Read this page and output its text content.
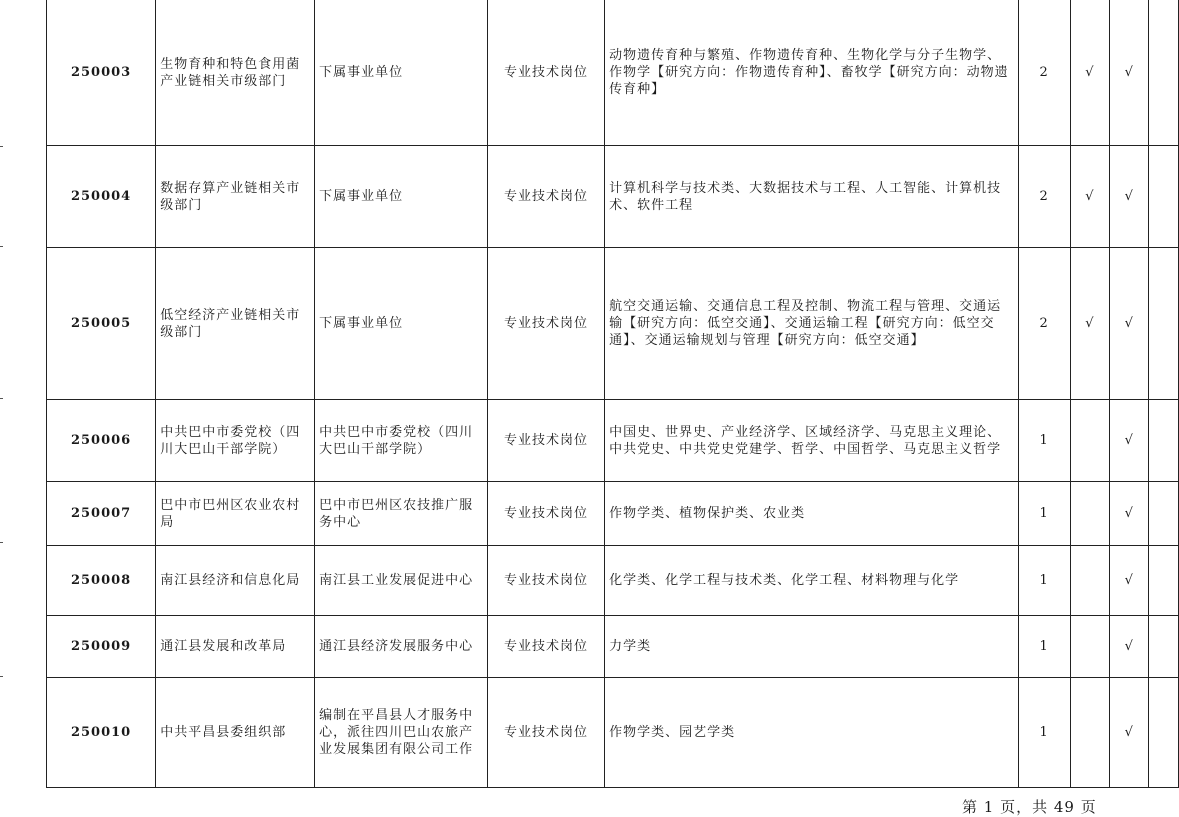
250003	生物育种和特色食用菌产业链相关市级部门	下属事业单位	专业技术岗位	动物遗传育种与繁殖、作物遗传育种、生物化学与分子生物学、作物学【研究方向：作物遗传育种】、畜牧学【研究方向：动物遗传育种】	2	√	√	
250004	数据存算产业链相关市级部门	下属事业单位	专业技术岗位	计算机科学与技术类、大数据技术与工程、人工智能、计算机技术、软件工程	2	√	√	
250005	低空经济产业链相关市级部门	下属事业单位	专业技术岗位	航空交通运输、交通信息工程及控制、物流工程与管理、交通运输【研究方向：低空交通】、交通运输工程【研究方向：低空交通】、交通运输规划与管理【研究方向：低空交通】	2	√	√	
250006	中共巴中市委党校（四川大巴山干部学院）	中共巴中市委党校（四川大巴山干部学院）	专业技术岗位	中国史、世界史、产业经济学、区域经济学、马克思主义理论、中共党史、中共党史党建学、哲学、中国哲学、马克思主义哲学	1		√	
250007	巴中市巴州区农业农村局	巴中市巴州区农技推广服务中心	专业技术岗位	作物学类、植物保护类、农业类	1		√	
250008	南江县经济和信息化局	南江县工业发展促进中心	专业技术岗位	化学类、化学工程与技术类、化学工程、材料物理与化学	1		√	
250009	通江县发展和改革局	通江县经济发展服务中心	专业技术岗位	力学类	1		√	
250010	中共平昌县委组织部	编制在平昌县人才服务中心，派往四川巴山农旅产业发展集团有限公司工作	专业技术岗位	作物学类、园艺学类	1		√	
第 1 页，共 49 页
